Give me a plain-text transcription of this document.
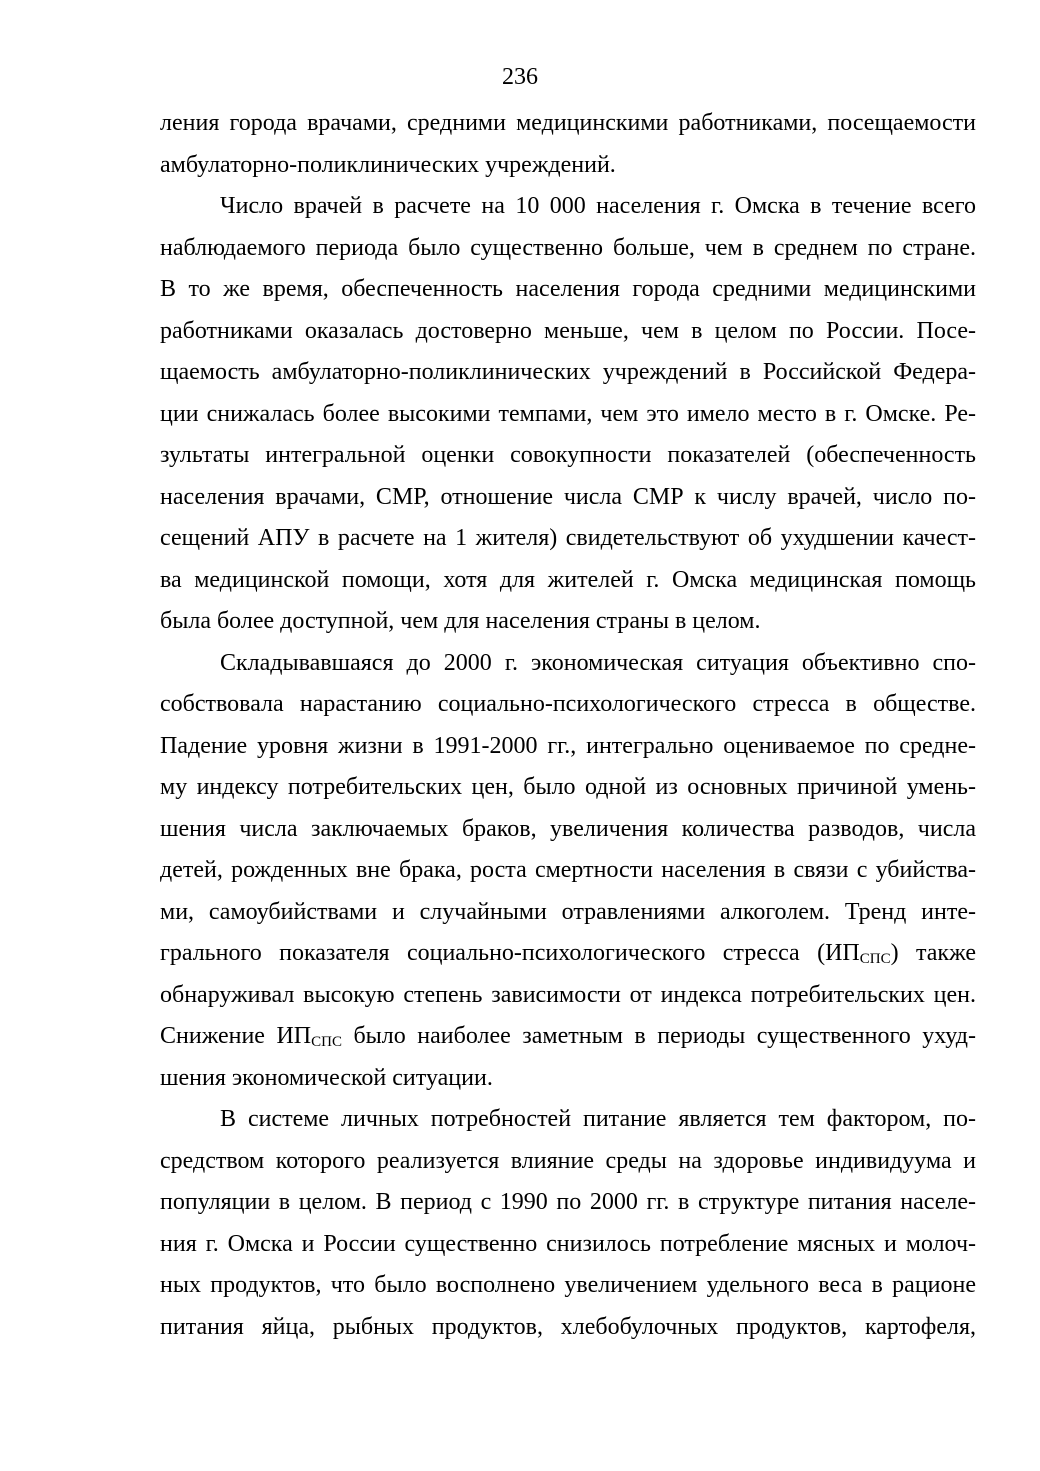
236

ления города врачами, средними медицинскими работниками, посещаемости
амбулаторно-поликлинических учреждений.

Число врачей в расчете на 10 000 населения г. Омска в течение всего
наблюдаемого периода было существенно больше, чем в среднем по стране.
В то же время, обеспеченность населения города средними медицинскими
работниками оказалась достоверно меньше, чем в целом по России. Посе-
щаемость амбулаторно-поликлинических учреждений в Российской Федера-
ции снижалась более высокими темпами, чем это имело место в г. Омске. Ре-
зультаты интегральной оценки совокупности показателей (обеспеченность
населения врачами, СМР, отношение числа СМР к числу врачей, число по-
сещений АПУ в расчете на 1 жителя) свидетельствуют об ухудшении качест-
ва медицинской помощи, хотя для жителей г. Омска медицинская помощь
была более доступной, чем для населения страны в целом.

Складывавшаяся до 2000 г. экономическая ситуация объективно спо-
собствовала нарастанию социально-психологического стресса в обществе.
Падение уровня жизни в 1991-2000 гг., интегрально оцениваемое по средне-
му индексу потребительских цен, было одной из основных причиной умень-
шения числа заключаемых браков, увеличения количества разводов, числа
детей, рожденных вне брака, роста смертности населения в связи с убийства-
ми, самоубийствами и случайными отравлениями алкоголем. Тренд инте-
грального показателя социально-психологического стресса $(ИП_{СПС})$ также
обнаруживал высокую степень зависимости от индекса потребительских цен.
Снижение $ИП_{СПС}$ было наиболее заметным в периоды существенного ухуд-
шения экономической ситуации.

В системе личных потребностей питание является тем фактором, по-
средством которого реализуется влияние среды на здоровье индивидуума и
популяции в целом. В период с 1990 по 2000 гг. в структуре питания населе-
ния г. Омска и России существенно снизилось потребление мясных и молоч-
ных продуктов, что было восполнено увеличением удельного веса в рационе
питания яйца, рыбных продуктов, хлебобулочных продуктов, картофеля,
